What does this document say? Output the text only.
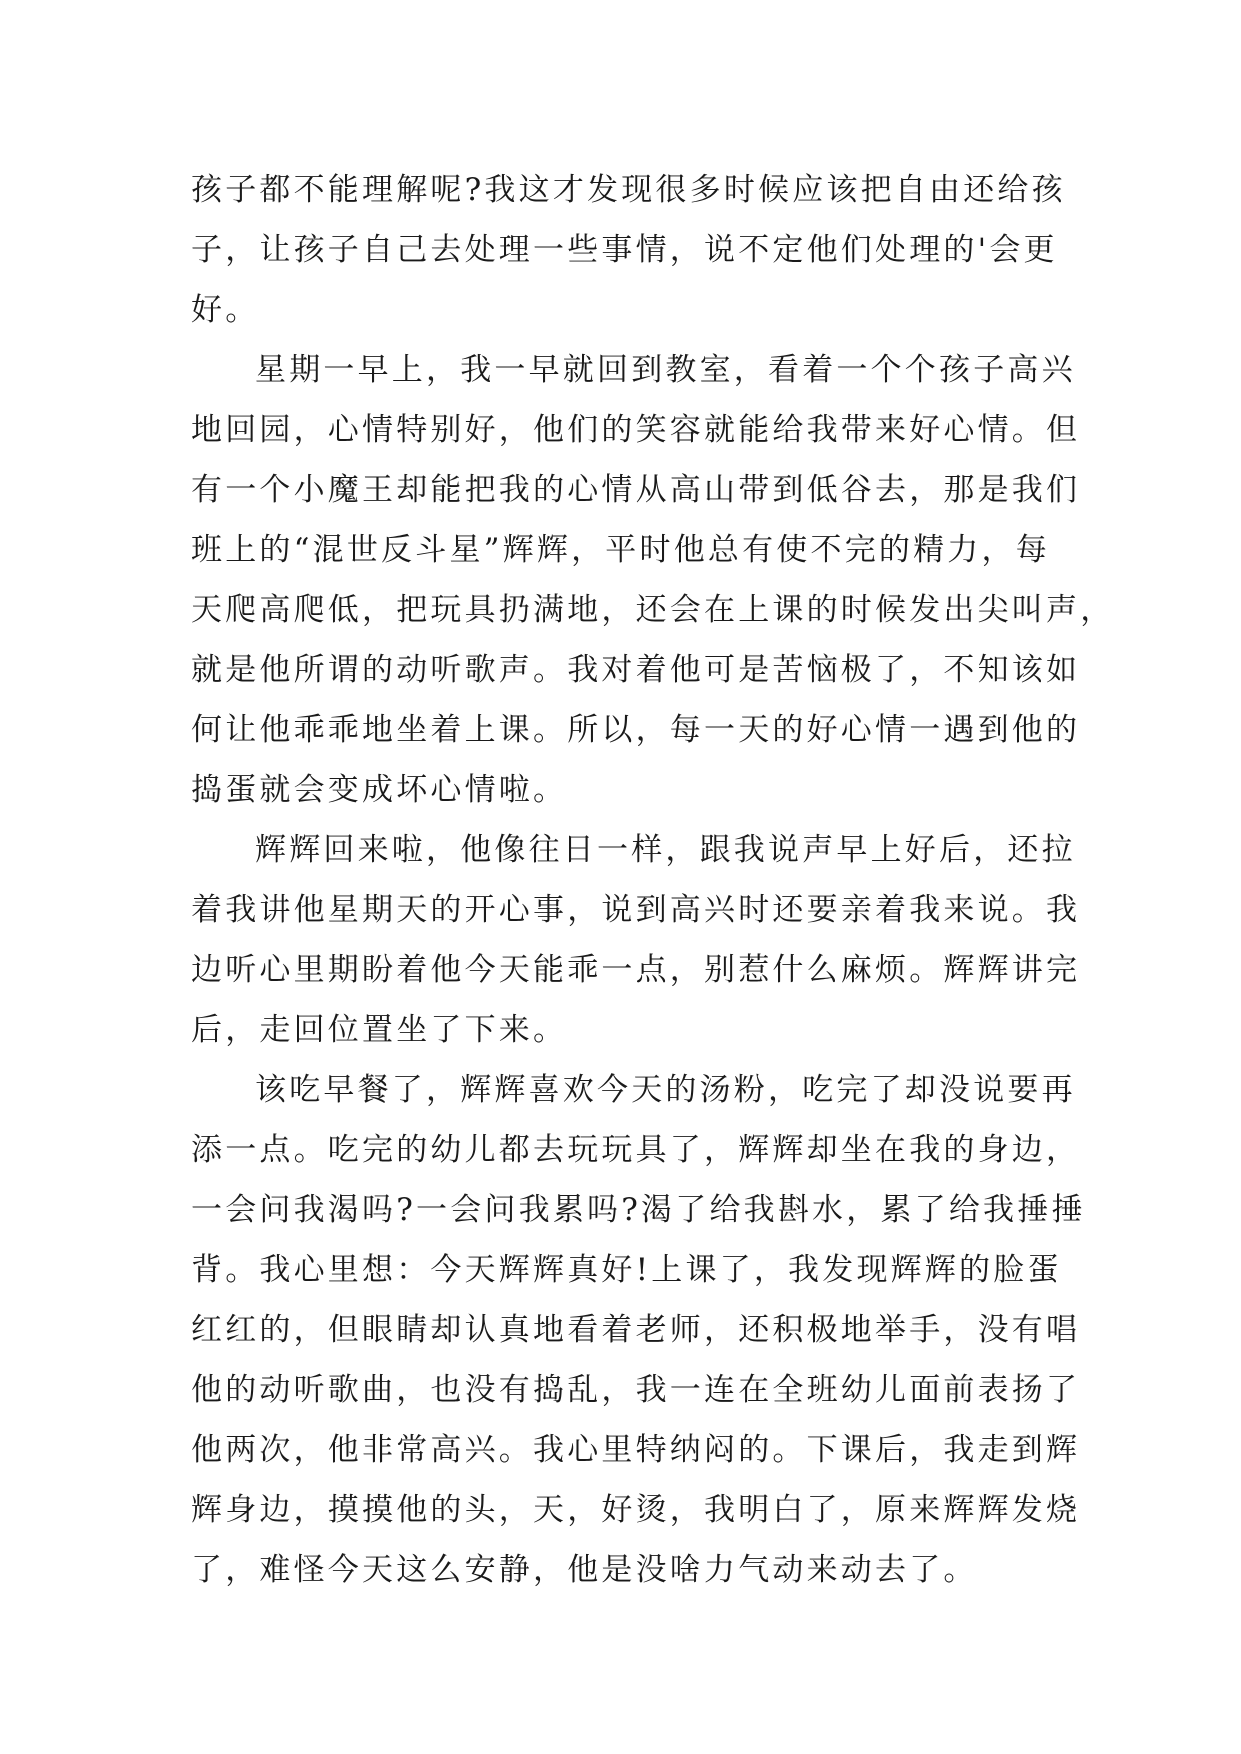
孩子都不能理解呢?我这才发现很多时候应该把自由还给孩
子，让孩子自己去处理一些事情，说不定他们处理的'会更
好。
星期一早上，我一早就回到教室，看着一个个孩子高兴
地回园，心情特别好，他们的笑容就能给我带来好心情。但
有一个小魔王却能把我的心情从高山带到低谷去，那是我们
班上的“混世反斗星”辉辉，平时他总有使不完的精力，每
天爬高爬低，把玩具扔满地，还会在上课的时候发出尖叫声，
就是他所谓的动听歌声。我对着他可是苦恼极了，不知该如
何让他乖乖地坐着上课。所以，每一天的好心情一遇到他的
捣蛋就会变成坏心情啦。
辉辉回来啦，他像往日一样，跟我说声早上好后，还拉
着我讲他星期天的开心事，说到高兴时还要亲着我来说。我
边听心里期盼着他今天能乖一点，别惹什么麻烦。辉辉讲完
后，走回位置坐了下来。
该吃早餐了，辉辉喜欢今天的汤粉，吃完了却没说要再
添一点。吃完的幼儿都去玩玩具了，辉辉却坐在我的身边，
一会问我渴吗?一会问我累吗?渴了给我斟水，累了给我捶捶
背。我心里想：今天辉辉真好!上课了，我发现辉辉的脸蛋
红红的，但眼睛却认真地看着老师，还积极地举手，没有唱
他的动听歌曲，也没有捣乱，我一连在全班幼儿面前表扬了
他两次，他非常高兴。我心里特纳闷的。下课后，我走到辉
辉身边，摸摸他的头，天，好烫，我明白了，原来辉辉发烧
了，难怪今天这么安静，他是没啥力气动来动去了。
